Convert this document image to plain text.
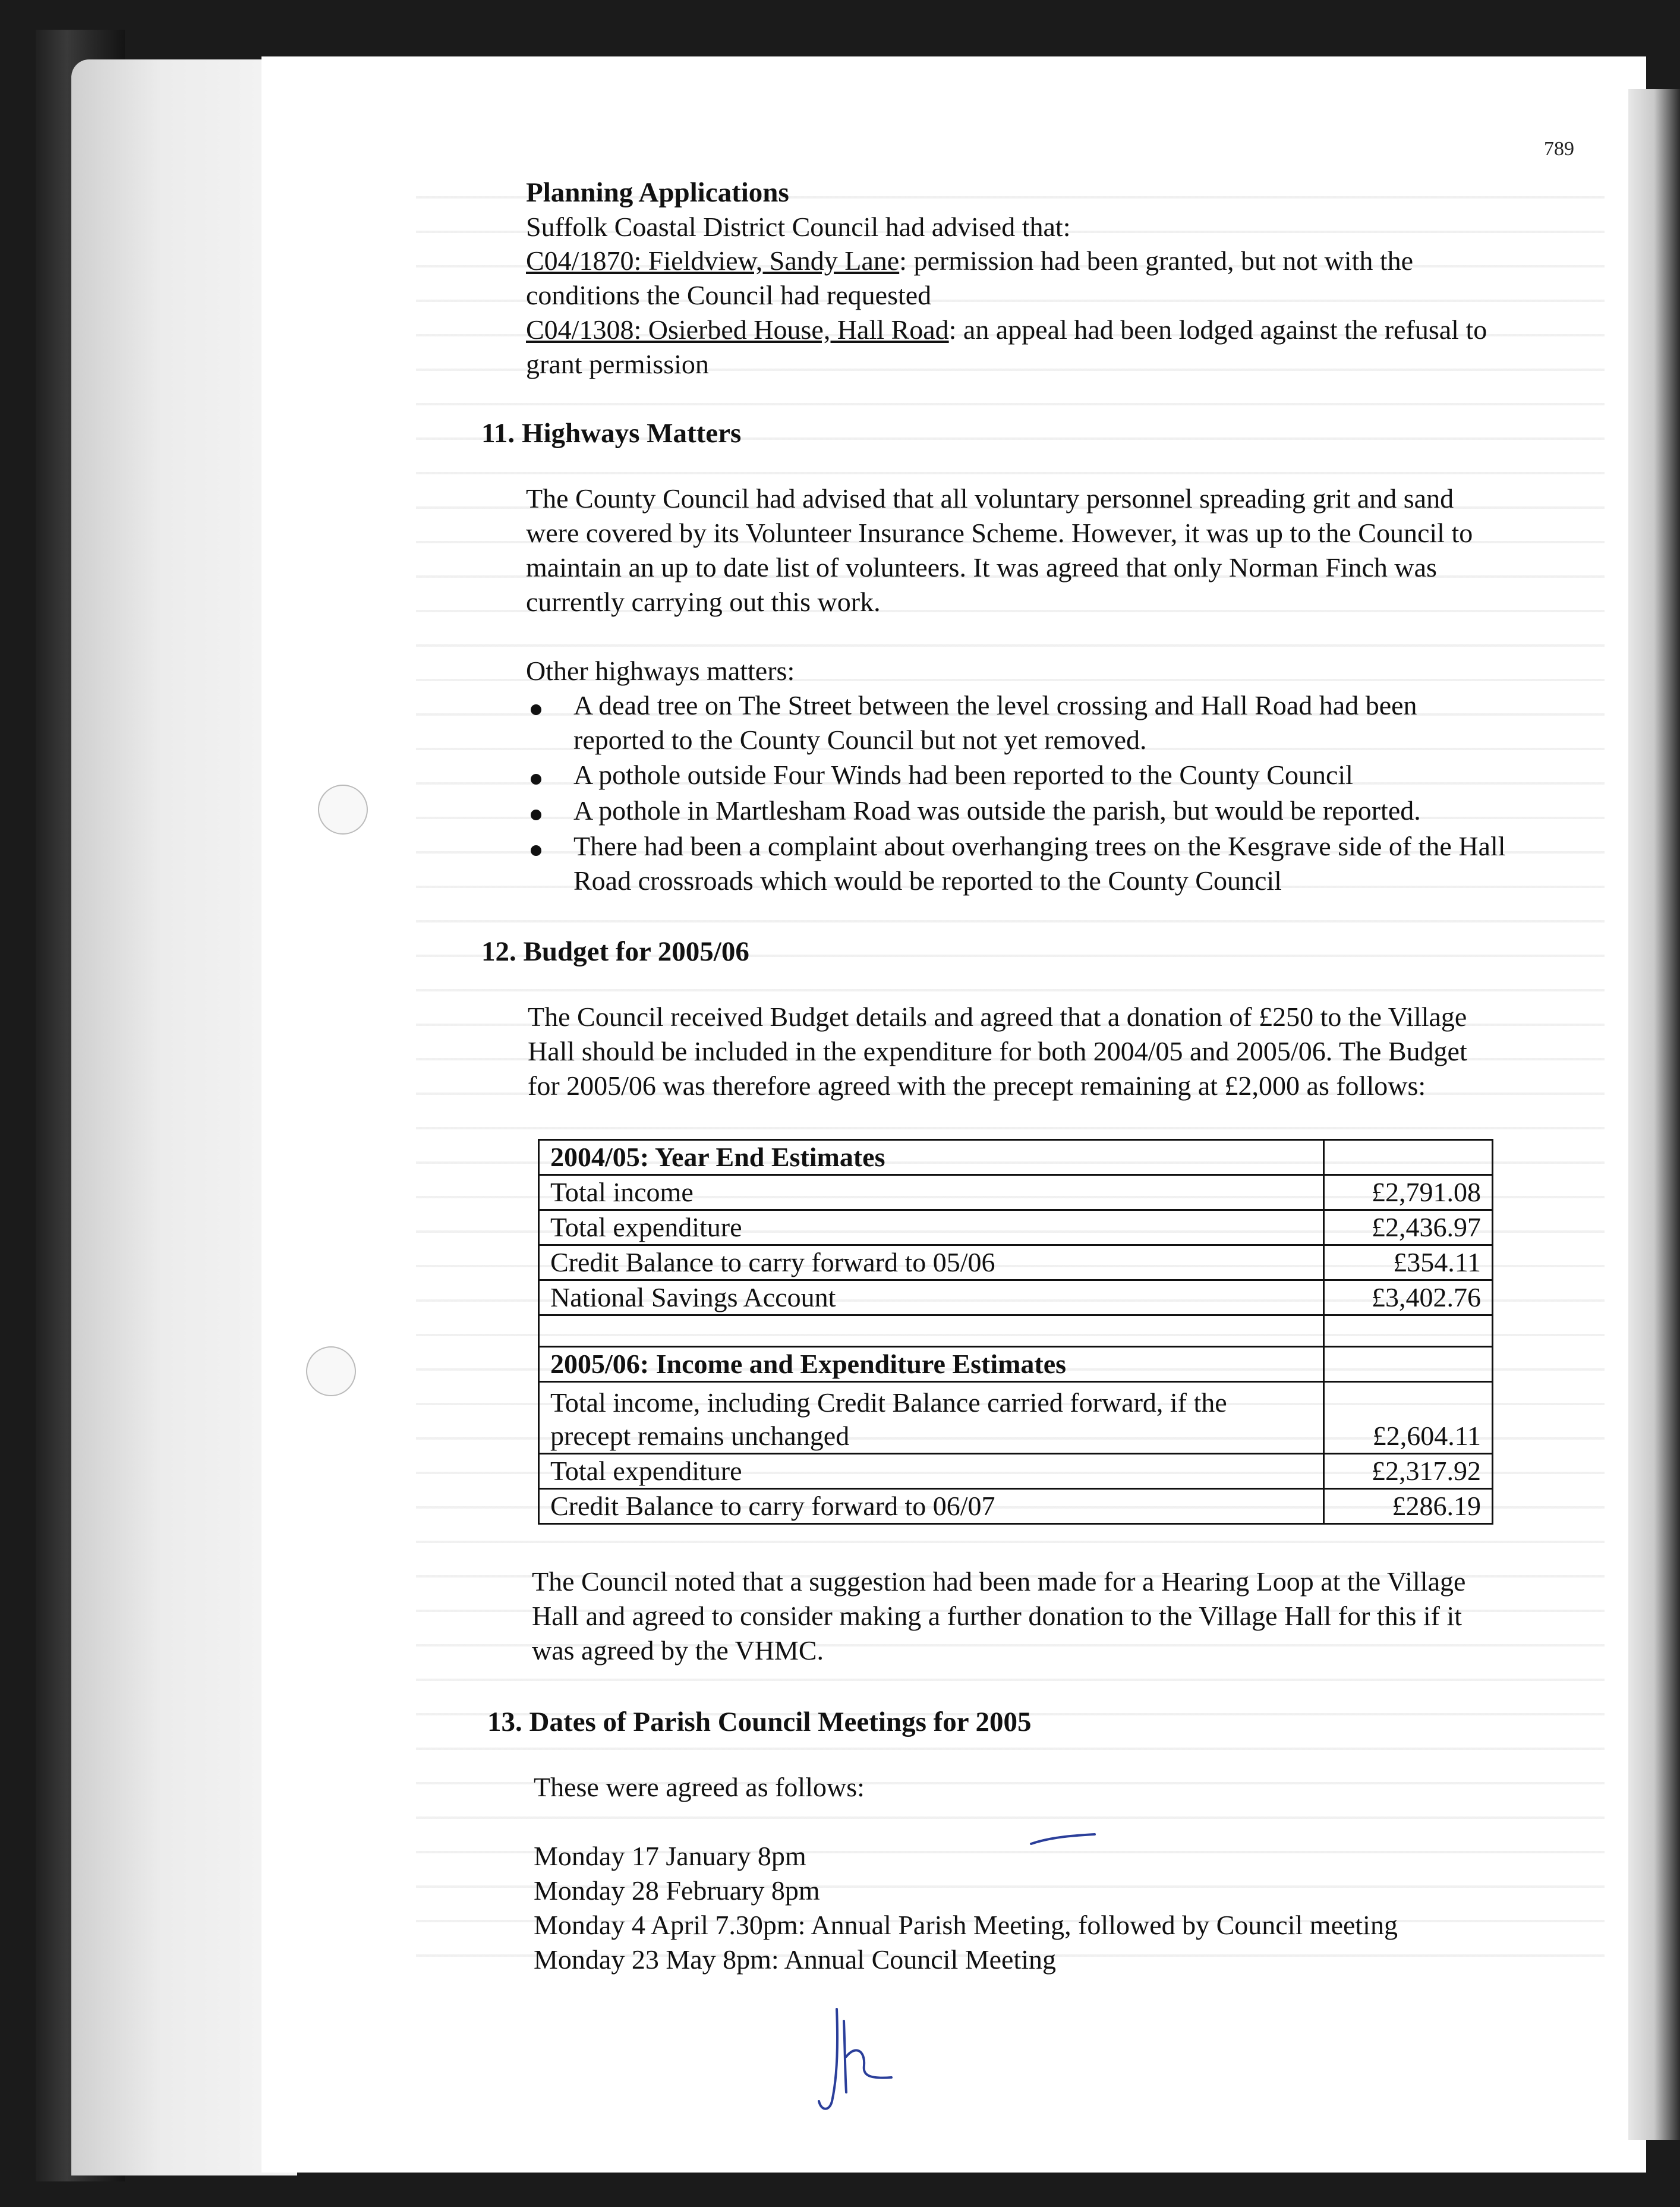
789
Planning Applications
Suffolk Coastal District Council had advised that:
C04/1870: Fieldview, Sandy Lane: permission had been granted, but not with the
conditions the Council had requested
C04/1308: Osierbed House, Hall Road: an appeal had been lodged against the refusal to
grant permission
11. Highways Matters
The County Council had advised that all voluntary personnel spreading grit and sand
were covered by its Volunteer Insurance Scheme. However, it was up to the Council to
maintain an up to date list of volunteers. It was agreed that only Norman Finch was
currently carrying out this work.
Other highways matters:
A dead tree on The Street between the level crossing and Hall Road had been
reported to the County Council but not yet removed.
A pothole outside Four Winds had been reported to the County Council
A pothole in Martlesham Road was outside the parish, but would be reported.
There had been a complaint about overhanging trees on the Kesgrave side of the Hall
Road crossroads which would be reported to the County Council
12. Budget for 2005/06
The Council received Budget details and agreed that a donation of £250 to the Village
Hall should be included in the expenditure for both 2004/05 and 2005/06. The Budget
for 2005/06 was therefore agreed with the precept remaining at £2,000 as follows:
2004/05: Year End Estimates	
Total income	£2,791.08
Total expenditure	£2,436.97
Credit Balance to carry forward to 05/06	£354.11
National Savings Account	£3,402.76

2005/06: Income and Expenditure Estimates	
Total income, including Credit Balance carried forward, if the precept remains unchanged	£2,604.11
Total expenditure	£2,317.92
Credit Balance to carry forward to 06/07	£286.19
The Council noted that a suggestion had been made for a Hearing Loop at the Village
Hall and agreed to consider making a further donation to the Village Hall for this if it
was agreed by the VHMC.
13. Dates of Parish Council Meetings for 2005
These were agreed as follows:
Monday 17 January 8pm
Monday 28 February 8pm
Monday 4 April 7.30pm: Annual Parish Meeting, followed by Council meeting
Monday 23 May 8pm: Annual Council Meeting
